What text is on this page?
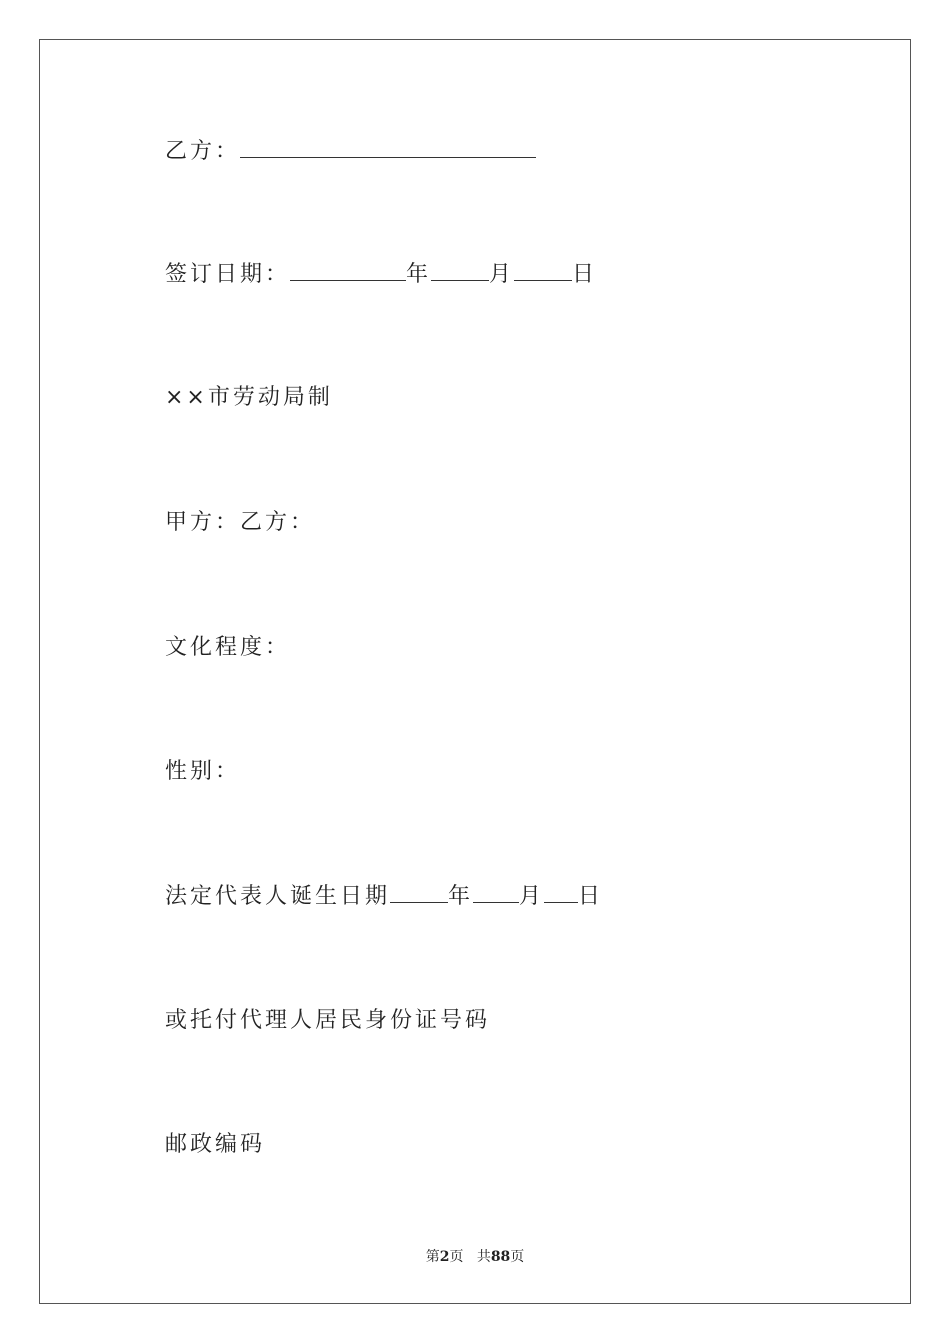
乙方：
签订日期：	年	月	日
××市劳动局制
甲方：乙方：
文化程度：
性别：
法定代表人诞生日期	年 月 日
或托付代理人居民身份证号码
邮政编码
第2页 共88页
